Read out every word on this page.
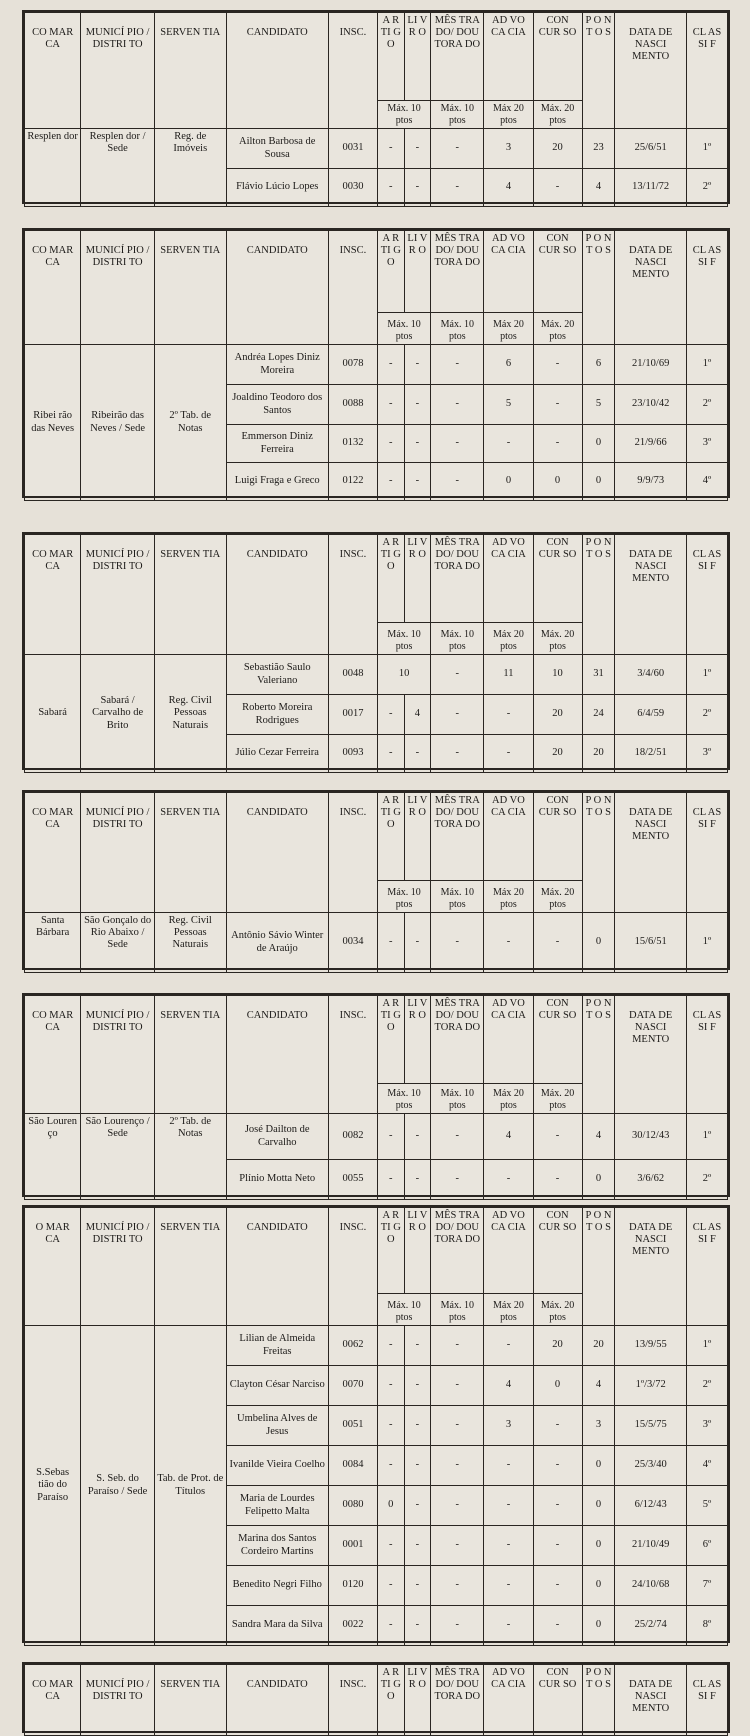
CO MAR CA	MUNICÍ PIO / DISTRI TO	SERVEN TIA	CANDIDATO	INSC.	A R TI G O	LI V R O	MÊS TRA DO/ DOU TORA DO	AD VO CA CIA	CON CUR SO	P O N T O S	DATA DE NASCI MENTO	CL AS SI F
					Máx. 10 ptos		Máx. 10 ptos	Máx 20 ptos	Máx. 20 ptos			
Resplen dor	Resplen dor / Sede	Reg. de Imóveis	Ailton Barbosa de Sousa	0031	-	-	-	3	20	23	25/6/51	1º
			Flávio Lúcio Lopes	0030	-	-	-	4	-	4	13/11/72	2º
CO MAR CA	MUNICÍ PIO / DISTRI TO	SERVEN TIA	CANDIDATO	INSC.	A R TI G O	LI V R O	MÊS TRA DO/ DOU TORA DO	AD VO CA CIA	CON CUR SO	P O N T O S	DATA DE NASCI MENTO	CL AS SI F
					Máx. 10 ptos		Máx. 10 ptos	Máx 20 ptos	Máx. 20 ptos			
Ribei rão das Neves	Ribeirão das Neves / Sede	2º Tab. de Notas	Andréa Lopes Diniz Moreira	0078	-	-	-	6	-	6	21/10/69	1º
			Joaldino Teodoro dos Santos	0088	-	-	-	5	-	5	23/10/42	2º
			Emmerson Diniz Ferreira	0132	-	-	-	-	-	0	21/9/66	3º
			Luigi Fraga e Greco	0122	-	-	-	0	0	0	9/9/73	4º
CO MAR CA	MUNICÍ PIO / DISTRI TO	SERVEN TIA	CANDIDATO	INSC.	A R TI G O	LI V R O	MÊS TRA DO/ DOU TORA DO	AD VO CA CIA	CON CUR SO	P O N T O S	DATA DE NASCI MENTO	CL AS SI F
					Máx. 10 ptos		Máx. 10 ptos	Máx 20 ptos	Máx. 20 ptos			
Sabará	Sabará / Carvalho de Brito	Reg. Civil Pessoas Naturais	Sebastião Saulo Valeriano	0048	10		-	11	10	31	3/4/60	1º
			Roberto Moreira Rodrigues	0017	-	4	-	-	20	24	6/4/59	2º
			Júlio Cezar Ferreira	0093	-	-	-	-	20	20	18/2/51	3º
CO MAR CA	MUNICÍ PIO / DISTRI TO	SERVEN TIA	CANDIDATO	INSC.	A R TI G O	LI V R O	MÊS TRA DO/ DOU TORA DO	AD VO CA CIA	CON CUR SO	P O N T O S	DATA DE NASCI MENTO	CL AS SI F
					Máx. 10 ptos		Máx. 10 ptos	Máx 20 ptos	Máx. 20 ptos			
Santa Bárbara	São Gonçalo do Rio Abaixo / Sede	Reg. Civil Pessoas Naturais	Antônio Sávio Winter de Araújo	0034	-	-	-	-	-	0	15/6/51	1º
CO MAR CA	MUNICÍ PIO / DISTRI TO	SERVEN TIA	CANDIDATO	INSC.	A R TI G O	LI V R O	MÊS TRA DO/ DOU TORA DO	AD VO CA CIA	CON CUR SO	P O N T O S	DATA DE NASCI MENTO	CL AS SI F
					Máx. 10 ptos		Máx. 10 ptos	Máx 20 ptos	Máx. 20 ptos			
São Louren ço	São Lourenço / Sede	2º Tab. de Notas	José Dailton de Carvalho	0082	-	-	-	4	-	4	30/12/43	1º
			Plínio Motta Neto	0055	-	-	-	-	-	0	3/6/62	2º
O MAR CA	MUNICÍ PIO / DISTRI TO	SERVEN TIA	CANDIDATO	INSC.	A R TI G O	LI V R O	MÊS TRA DO/ DOU TORA DO	AD VO CA CIA	CON CUR SO	P O N T O S	DATA DE NASCI MENTO	CL AS SI F
					Máx. 10 ptos		Máx. 10 ptos	Máx 20 ptos	Máx. 20 ptos			
S.Sebas tião do Paraíso	S. Seb. do Paraíso / Sede	Tab. de Prot. de Títulos	Lilian de Almeida Freitas	0062	-	-	-	-	20	20	13/9/55	1º
			Clayton César Narciso	0070	-	-	-	4	0	4	1º/3/72	2º
			Umbelina Alves de Jesus	0051	-	-	-	3	-	3	15/5/75	3º
			Ivanilde Vieira Coelho	0084	-	-	-	-	-	0	25/3/40	4º
			Maria de Lourdes Felipetto Malta	0080	0	-	-	-	-	0	6/12/43	5º
			Marina dos Santos Cordeiro Martins	0001	-	-	-	-	-	0	21/10/49	6º
			Benedito Negri Filho	0120	-	-	-	-	-	0	24/10/68	7º
			Sandra Mara da Silva	0022	-	-	-	-	-	0	25/2/74	8º
CO MAR CA	MUNICÍ PIO / DISTRI TO	SERVEN TIA	CANDIDATO	INSC.	A R TI G O	LI V R O	MÊS TRA DO/ DOU TORA DO	AD VO CA CIA	CON CUR SO	P O N T O S	DATA DE NASCI MENTO	CL AS SI F
